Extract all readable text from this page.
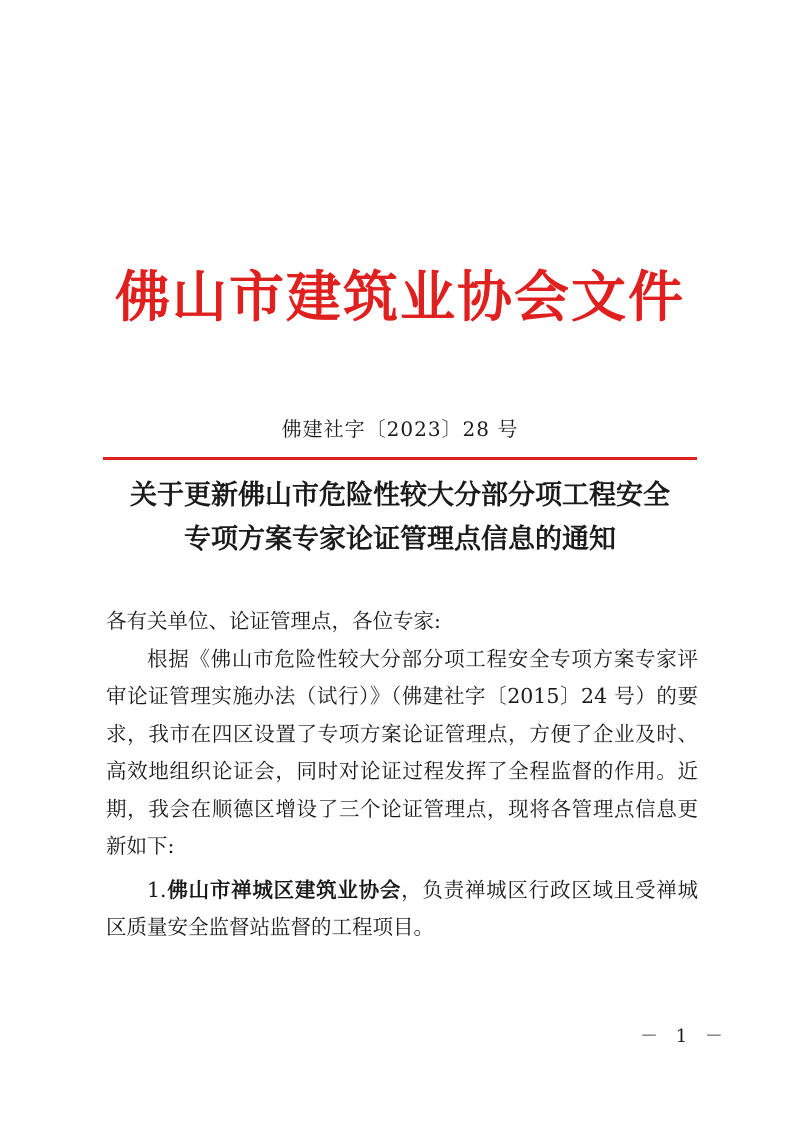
佛山市建筑业协会文件
佛建社字〔2023〕28 号
关于更新佛山市危险性较大分部分项工程安全
专项方案专家论证管理点信息的通知

各有关单位、论证管理点，各位专家:

根据《佛山市危险性较大分部分项工程安全专项方案专家评审论证管理实施办法（试行）》（佛建社字〔2015〕24 号）的要求，我市在四区设置了专项方案论证管理点，方便了企业及时、高效地组织论证会，同时对论证过程发挥了全程监督的作用。近期，我会在顺德区增设了三个论证管理点，现将各管理点信息更新如下:

1.佛山市禅城区建筑业协会，负责禅城区行政区域且受禅城区质量安全监督站监督的工程项目。

－ 1 －
